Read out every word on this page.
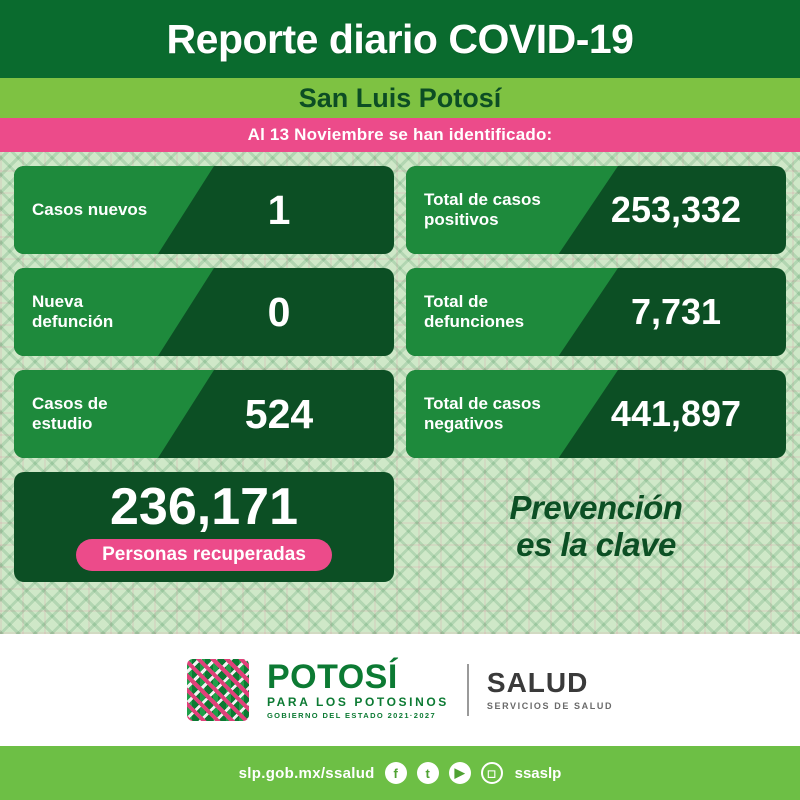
Reporte diario COVID-19
San Luis Potosí
Al 13 Noviembre se han identificado:
Casos nuevos	1	Total de casos positivos	253,332
Nueva defunción	0	Total de defunciones	7,731
Casos de estudio	524	Total de casos negativos	441,897
236,171
Personas recuperadas
Prevención
es la clave
POTOSÍ
PARA LOS POTOSINOS
GOBIERNO DEL ESTADO 2021·2027
SALUD
SERVICIOS DE SALUD
slp.gob.mx/ssalud	f	t	▶	◻	ssaslp
